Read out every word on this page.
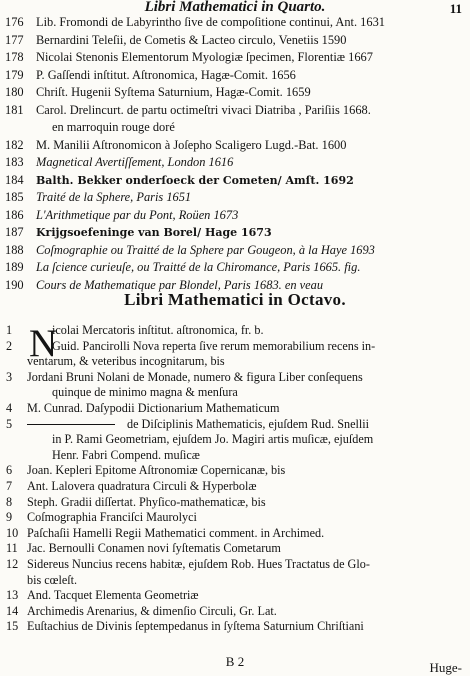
Libri Mathematici in Quarto.	11
176	Lib. Fromondi de Labyrintho ſive de compoſitione continui, Ant. 1631
177	Bernardini Teleſii, de Cometis & Lacteo circulo, Venetiis 1590
178	Nicolai Stenonis Elementorum Myologiæ ſpecimen, Florentiæ 1667
179	P. Gaſſendi inſtitut. Aſtronomica, Hagæ-Comit. 1656
180	Chriſt. Hugenii Syſtema Saturnium, Hagæ-Comit. 1659
181	Carol. Drelincurt. de partu octimeſtri vivaci Diatriba , Pariſiis 1668.
en marroquin rouge doré
182	M. Manilii Aſtronomicon à Joſepho Scaligero Lugd.-Bat. 1600
183	Magnetical Avertiſſement, London 1616
184	Balth. Bekker onderſoeck der Cometen/ Amſt. 1692
185	Traité de la Sphere, Paris 1651
186	L'Arithmetique par du Pont, Roüen 1673
187	Krijgsoefeninge van Borel/ Hage 1673
188	Coſmographie ou Traitté de la Sphere par Gougeon, à la Haye 1693
189	La ſcience curieuſe, ou Traitté de la Chiromance, Paris 1665. fig.
190	Cours de Mathematique par Blondel, Paris 1683. en veau
Libri Mathematici in Octavo.
N
1	icolai Mercatoris inſtitut. aſtronomica, fr. b.
2	Guid. Pancirolli Nova reperta ſive rerum memorabilium recens in-
ventarum, & veteribus incognitarum, bis
3	Jordani Bruni Nolani de Monade, numero & figura Liber conſequens
quinque de minimo magna & menſura
4	M. Cunrad. Daſypodii Dictionarium Mathematicum
5	de Diſciplinis Mathematicis, ejuſdem Rud. Snellii
in P. Rami Geometriam, ejuſdem Jo. Magiri artis muſicæ, ejuſdem
Henr. Fabri Compend. muſicæ
6	Joan. Kepleri Epitome Aſtronomiæ Copernicanæ, bis
7	Ant. Lalovera quadratura Circuli & Hyperbolæ
8	Steph. Gradii diſſertat. Phyſico-mathematicæ, bis
9	Coſmographia Franciſci Maurolyci
10 Paſchaſii Hamelli Regii Mathematici comment. in Archimed.
11 Jac. Bernoulli Conamen novi ſyſtematis Cometarum
12 Sidereus Nuncius recens habitæ, ejuſdem Rob. Hues Tractatus de Glo-
bis cœleſt.
13 And. Tacquet Elementa Geometriæ
14 Archimedis Arenarius, & dimenſio Circuli, Gr. Lat.
15 Euſtachius de Divinis ſeptempedanus in ſyſtema Saturnium Chriſtiani
B 2	Huge-
